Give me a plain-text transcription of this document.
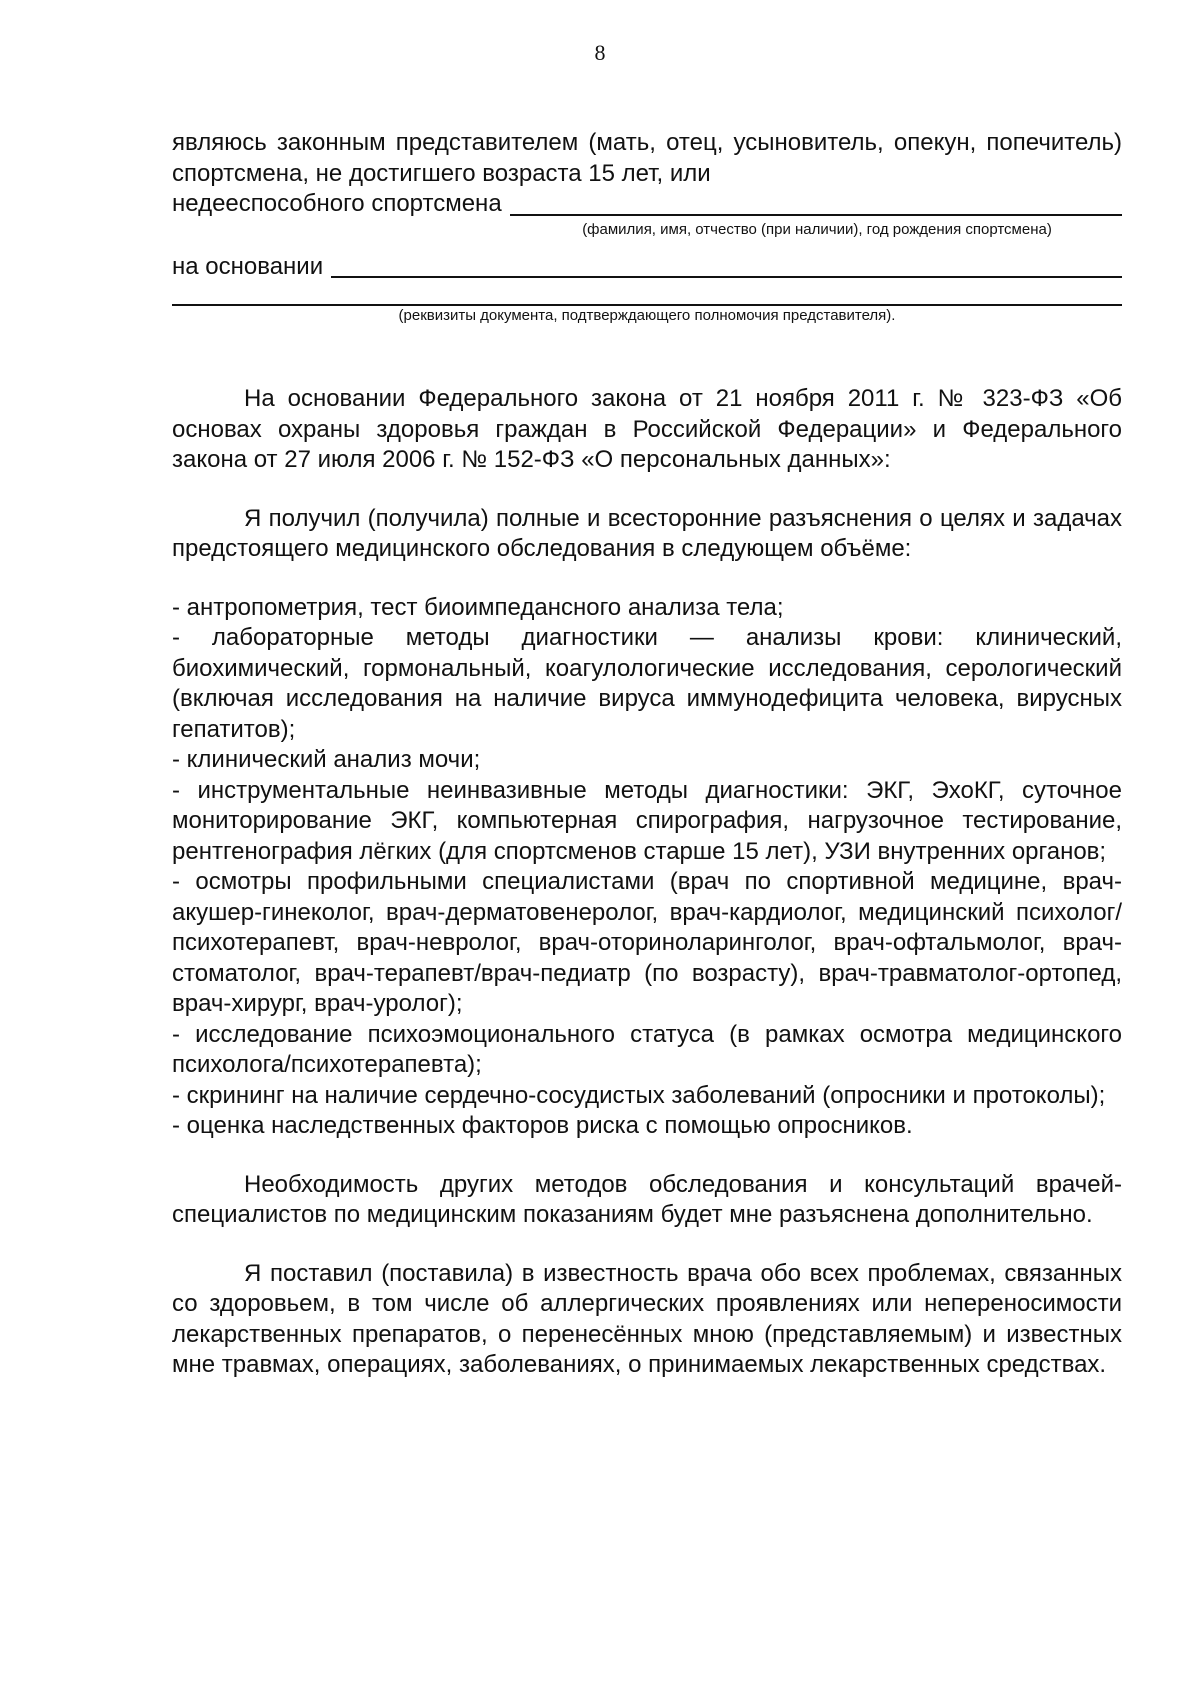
8

являюсь законным представителем (мать, отец, усыновитель, опекун, попечитель) спортсмена, не достигшего возраста 15 лет, или

недееспособного спортсмена
(фамилия, имя, отчество (при наличии), год рождения спортсмена)
на основании
(реквизиты документа, подтверждающего полномочия представителя).

На основании Федерального закона от 21 ноября 2011 г. № 323-ФЗ «Об основах охраны здоровья граждан в Российской Федерации» и Федерального закона от 27 июля 2006 г. № 152-ФЗ «О персональных данных»:

Я получил (получила) полные и всесторонние разъяснения о целях и задачах предстоящего медицинского обследования в следующем объёме:

- антропометрия, тест биоимпедансного анализа тела;

- лабораторные методы диагностики — анализы крови: клинический, биохимический, гормональный, коагулологические исследования, серологический (включая исследования на наличие вируса иммунодефицита человека, вирусных гепатитов);

- клинический анализ мочи;

- инструментальные неинвазивные методы диагностики: ЭКГ, ЭхоКГ, суточное мониторирование ЭКГ, компьютерная спирография, нагрузочное тестирование, рентгенография лёгких (для спортсменов старше 15 лет), УЗИ внутренних органов;

- осмотры профильными специалистами (врач по спортивной медицине, врач-акушер-гинеколог, врач-дерматовенеролог, врач-кардиолог, медицинский психолог/психотерапевт, врач-невролог, врач-оториноларинголог, врач-офтальмолог, врач-стоматолог, врач-терапевт/врач-педиатр (по возрасту), врач-травматолог-ортопед, врач-хирург, врач-уролог);

- исследование психоэмоционального статуса (в рамках осмотра медицинского психолога/психотерапевта);

- скрининг на наличие сердечно-сосудистых заболеваний (опросники и протоколы);

- оценка наследственных факторов риска с помощью опросников.

Необходимость других методов обследования и консультаций врачей-специалистов по медицинским показаниям будет мне разъяснена дополнительно.

Я поставил (поставила) в известность врача обо всех проблемах, связанных со здоровьем, в том числе об аллергических проявлениях или непереносимости лекарственных препаратов, о перенесённых мною (представляемым) и известных мне травмах, операциях, заболеваниях, о принимаемых лекарственных средствах.
